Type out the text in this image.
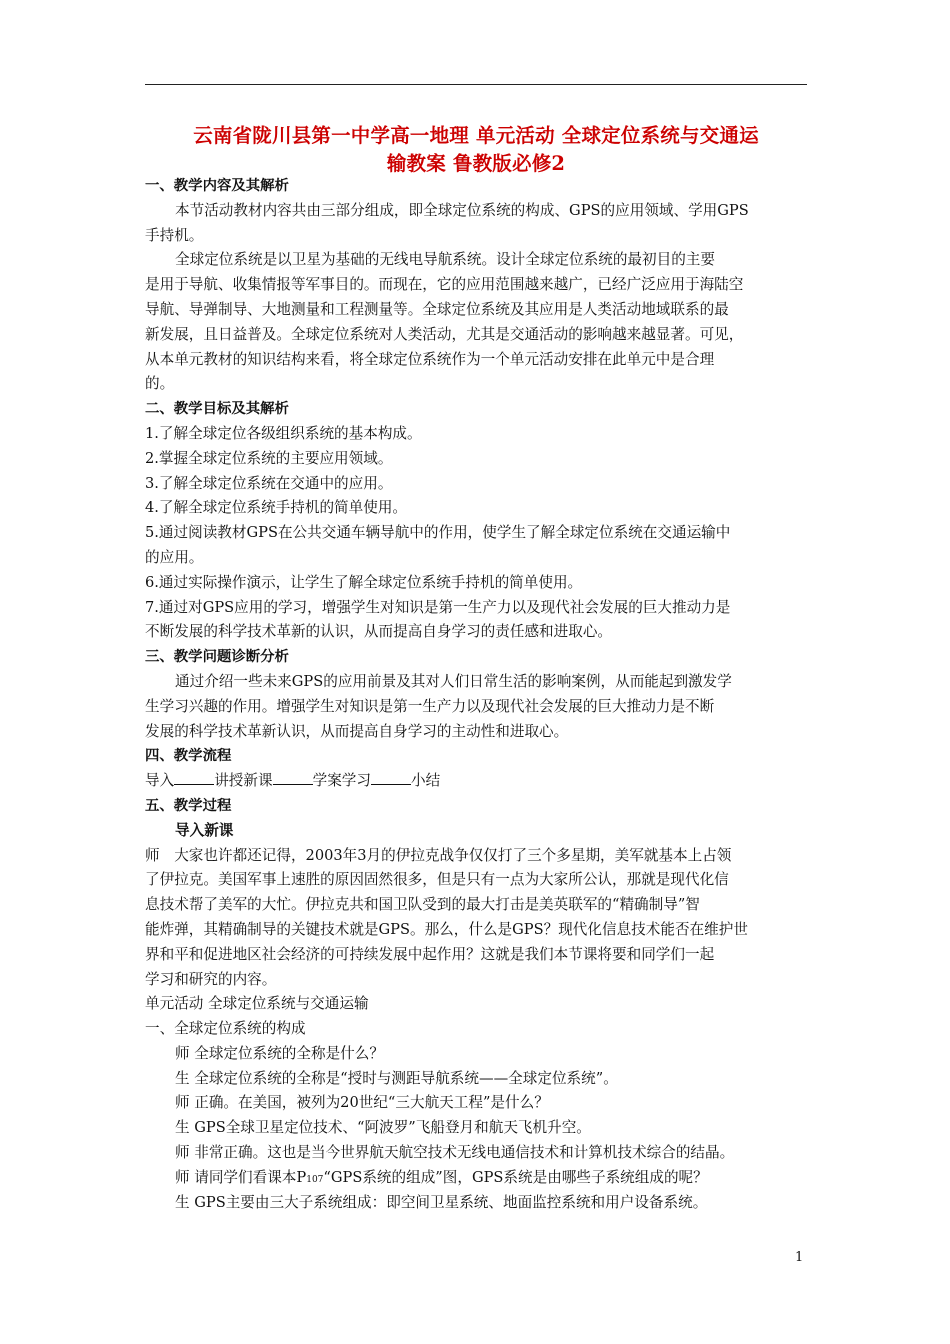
云南省陇川县第一中学高一地理 单元活动 全球定位系统与交通运
输教案 鲁教版必修2
一、教学内容及其解析
本节活动教材内容共由三部分组成，即全球定位系统的构成、GPS的应用领域、学用GPS
手持机。
全球定位系统是以卫星为基础的无线电导航系统。设计全球定位系统的最初目的主要
是用于导航、收集情报等军事目的。而现在，它的应用范围越来越广，已经广泛应用于海陆空
导航、导弹制导、大地测量和工程测量等。全球定位系统及其应用是人类活动地域联系的最
新发展，且日益普及。全球定位系统对人类活动，尤其是交通活动的影响越来越显著。可见，
从本单元教材的知识结构来看，将全球定位系统作为一个单元活动安排在此单元中是合理
的。
二、教学目标及其解析
1.了解全球定位各级组织系统的基本构成。
2.掌握全球定位系统的主要应用领域。
3.了解全球定位系统在交通中的应用。
4.了解全球定位系统手持机的简单使用。
5.通过阅读教材GPS在公共交通车辆导航中的作用，使学生了解全球定位系统在交通运输中
的应用。
6.通过实际操作演示，让学生了解全球定位系统手持机的简单使用。
7.通过对GPS应用的学习，增强学生对知识是第一生产力以及现代社会发展的巨大推动力是
不断发展的科学技术革新的认识，从而提高自身学习的责任感和进取心。
三、教学问题诊断分析
通过介绍一些未来GPS的应用前景及其对人们日常生活的影响案例，从而能起到激发学
生学习兴趣的作用。增强学生对知识是第一生产力以及现代社会发展的巨大推动力是不断
发展的科学技术革新认识，从而提高自身学习的主动性和进取心。
四、教学流程
导入	讲授新课	学案学习	小结
五、教学过程
导入新课
师　大家也许都还记得，2003年3月的伊拉克战争仅仅打了三个多星期，美军就基本上占领
了伊拉克。美国军事上速胜的原因固然很多，但是只有一点为大家所公认，那就是现代化信
息技术帮了美军的大忙。伊拉克共和国卫队受到的最大打击是美英联军的“精确制导”智
能炸弹，其精确制导的关键技术就是GPS。那么，什么是GPS？现代化信息技术能否在维护世
界和平和促进地区社会经济的可持续发展中起作用？这就是我们本节课将要和同学们一起
学习和研究的内容。
单元活动 全球定位系统与交通运输
一、全球定位系统的构成
师 全球定位系统的全称是什么？
生 全球定位系统的全称是“授时与测距导航系统——全球定位系统”。
师 正确。在美国，被列为20世纪“三大航天工程”是什么？
生 GPS全球卫星定位技术、“阿波罗”飞船登月和航天飞机升空。
师 非常正确。这也是当今世界航天航空技术无线电通信技术和计算机技术综合的结晶。
师 请同学们看课本P107“GPS系统的组成”图，GPS系统是由哪些子系统组成的呢？
生 GPS主要由三大子系统组成：即空间卫星系统、地面监控系统和用户设备系统。
1
